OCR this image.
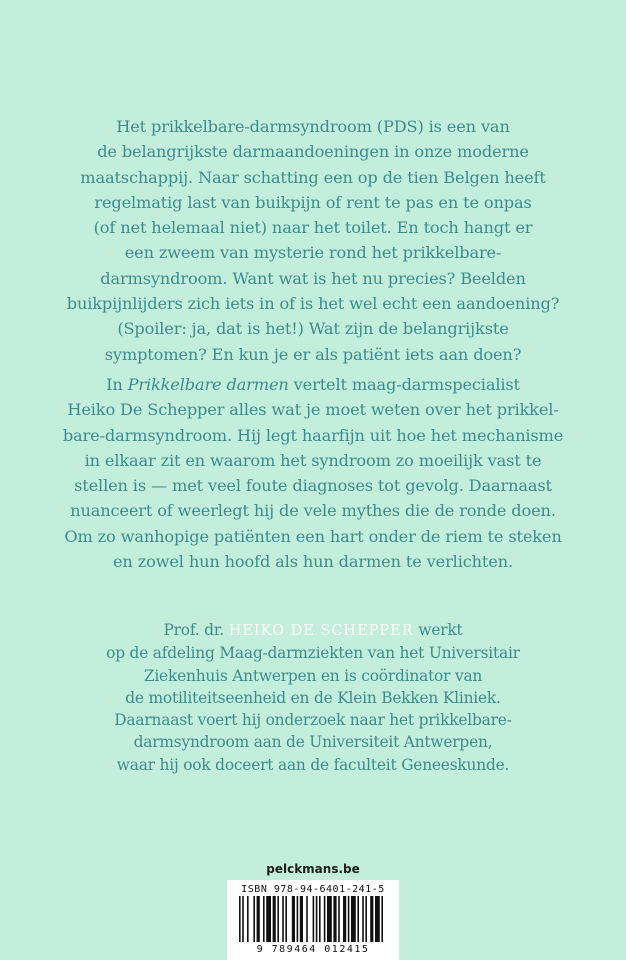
Het prikkelbare-darmsyndroom (PDS) is een van
de belangrijkste darmaandoeningen in onze moderne
maatschappij. Naar schatting een op de tien Belgen heeft
regelmatig last van buikpijn of rent te pas en te onpas
(of net helemaal niet) naar het toilet. En toch hangt er
een zweem van mysterie rond het prikkelbare-
darmsyndroom. Want wat is het nu precies? Beelden
buikpijnlijders zich iets in of is het wel echt een aandoening?
(Spoiler: ja, dat is het!) Wat zijn de belangrijkste
symptomen? En kun je er als patiënt iets aan doen?

In Prikkelbare darmen vertelt maag-darmspecialist
Heiko De Schepper alles wat je moet weten over het prikkel-
bare-darmsyndroom. Hij legt haarfijn uit hoe het mechanisme
in elkaar zit en waarom het syndroom zo moeilijk vast te
stellen is — met veel foute diagnoses tot gevolg. Daarnaast
nuanceert of weerlegt hij de vele mythes die de ronde doen.
Om zo wanhopige patiënten een hart onder de riem te steken
en zowel hun hoofd als hun darmen te verlichten.

Prof. dr. HEIKO DE SCHEPPER werkt
op de afdeling Maag-darmziekten van het Universitair
Ziekenhuis Antwerpen en is coördinator van
de motiliteitseenheid en de Klein Bekken Kliniek.
Daarnaast voert hij onderzoek naar het prikkelbare-
darmsyndroom aan de Universiteit Antwerpen,
waar hij ook doceert aan de faculteit Geneeskunde.

pelckmans.be
ISBN 978-94-6401-241-5
9 789464 012415
